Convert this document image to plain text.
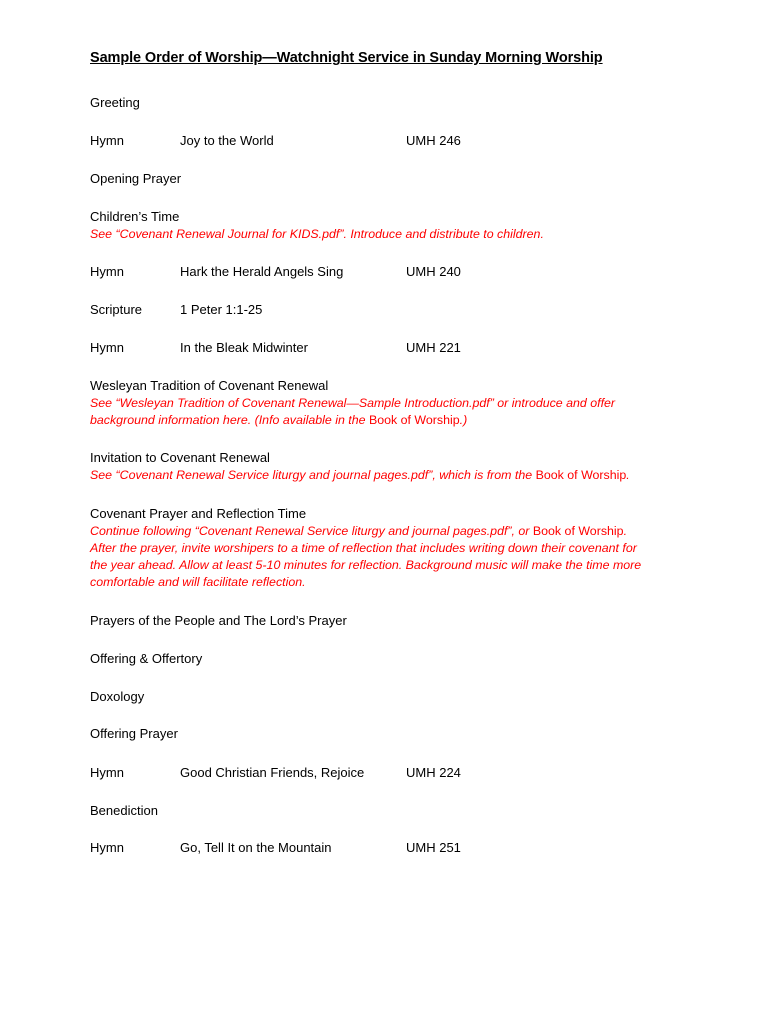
Sample Order of Worship—Watchnight Service in Sunday Morning Worship
Greeting
Hymn	Joy to the World	UMH 246
Opening Prayer
Children’s Time
See “Covenant Renewal Journal for KIDS.pdf”. Introduce and distribute to children.
Hymn	Hark the Herald Angels Sing	UMH 240
Scripture	1 Peter 1:1-25
Hymn	In the Bleak Midwinter	UMH 221
Wesleyan Tradition of Covenant Renewal
See “Wesleyan Tradition of Covenant Renewal—Sample Introduction.pdf” or introduce and offer
background information here. (Info available in the Book of Worship.)
Invitation to Covenant Renewal
See “Covenant Renewal Service liturgy and journal pages.pdf”, which is from the Book of Worship.
Covenant Prayer and Reflection Time
Continue following “Covenant Renewal Service liturgy and journal pages.pdf”, or Book of Worship.
After the prayer, invite worshipers to a time of reflection that includes writing down their covenant for
the year ahead. Allow at least 5-10 minutes for reflection. Background music will make the time more
comfortable and will facilitate reflection.
Prayers of the People and The Lord’s Prayer
Offering & Offertory
Doxology
Offering Prayer
Hymn	Good Christian Friends, Rejoice	UMH 224
Benediction
Hymn	Go, Tell It on the Mountain	UMH 251
